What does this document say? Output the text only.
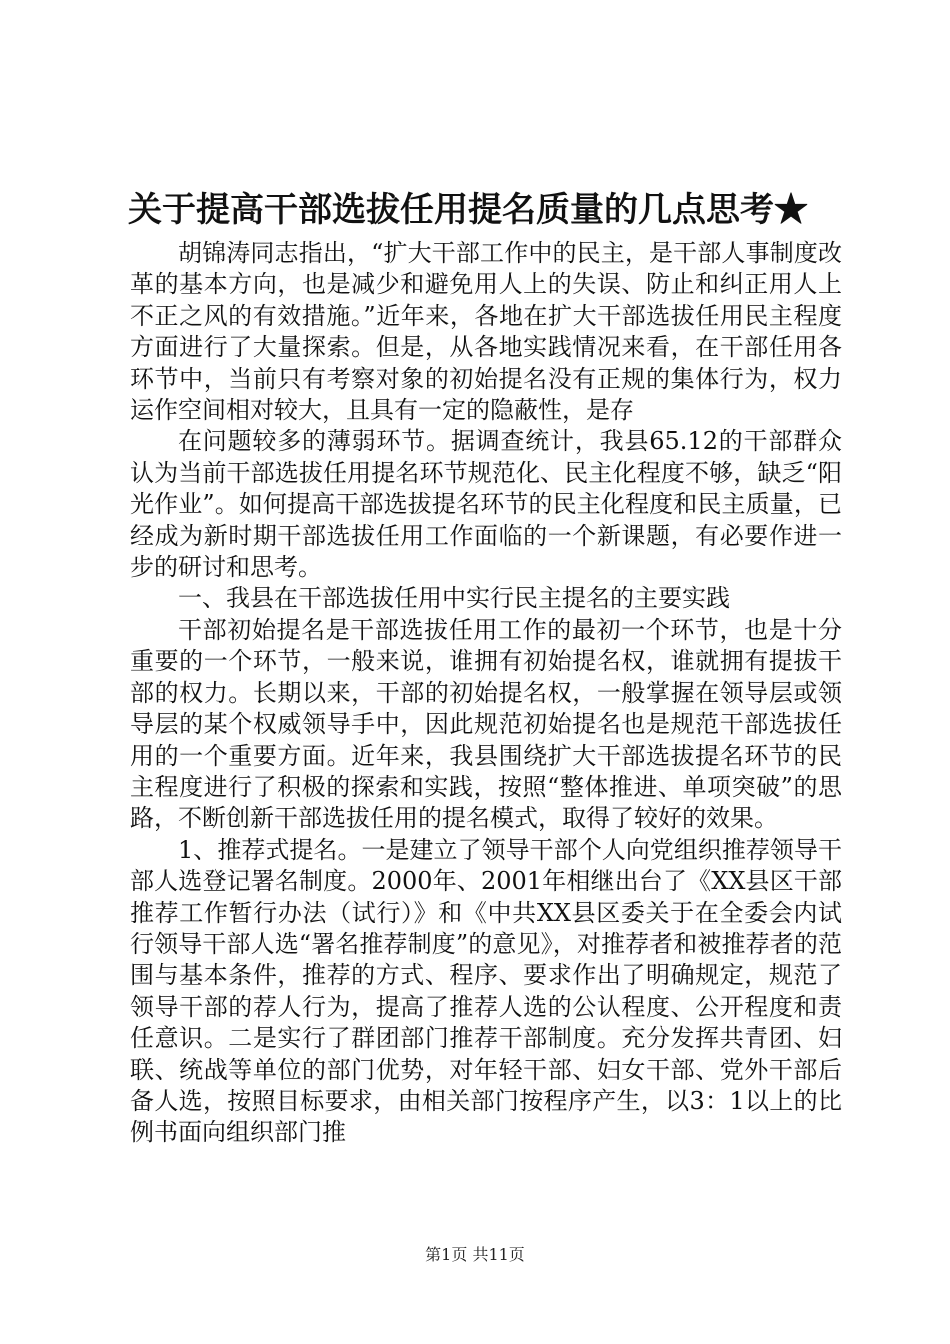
关于提高干部选拔任用提名质量的几点思考★

胡锦涛同志指出，“扩大干部工作中的民主，是干部人事制度改革的基本方向，也是减少和避免用人上的失误、防止和纠正用人上不正之风的有效措施。”近年来，各地在扩大干部选拔任用民主程度方面进行了大量探索。但是，从各地实践情况来看，在干部任用各环节中，当前只有考察对象的初始提名没有正规的集体行为，权力运作空间相对较大，且具有一定的隐蔽性，是存

在问题较多的薄弱环节。据调查统计，我县65.12的干部群众认为当前干部选拔任用提名环节规范化、民主化程度不够，缺乏“阳光作业”。如何提高干部选拔提名环节的民主化程度和民主质量，已经成为新时期干部选拔任用工作面临的一个新课题，有必要作进一步的研讨和思考。

一、我县在干部选拔任用中实行民主提名的主要实践

干部初始提名是干部选拔任用工作的最初一个环节，也是十分重要的一个环节，一般来说，谁拥有初始提名权，谁就拥有提拔干部的权力。长期以来，干部的初始提名权，一般掌握在领导层或领导层的某个权威领导手中，因此规范初始提名也是规范干部选拔任用的一个重要方面。近年来，我县围绕扩大干部选拔提名环节的民主程度进行了积极的探索和实践，按照“整体推进、单项突破”的思路，不断创新干部选拔任用的提名模式，取得了较好的效果。

1、推荐式提名。一是建立了领导干部个人向党组织推荐领导干部人选登记署名制度。2000年、2001年相继出台了《XX县区干部推荐工作暂行办法（试行）》和《中共XX县区委关于在全委会内试行领导干部人选“署名推荐制度”的意见》，对推荐者和被推荐者的范围与基本条件，推荐的方式、程序、要求作出了明确规定，规范了领导干部的荐人行为，提高了推荐人选的公认程度、公开程度和责任意识。二是实行了群团部门推荐干部制度。充分发挥共青团、妇联、统战等单位的部门优势，对年轻干部、妇女干部、党外干部后备人选，按照目标要求，由相关部门按程序产生，以3：1以上的比例书面向组织部门推

第1页 共11页
